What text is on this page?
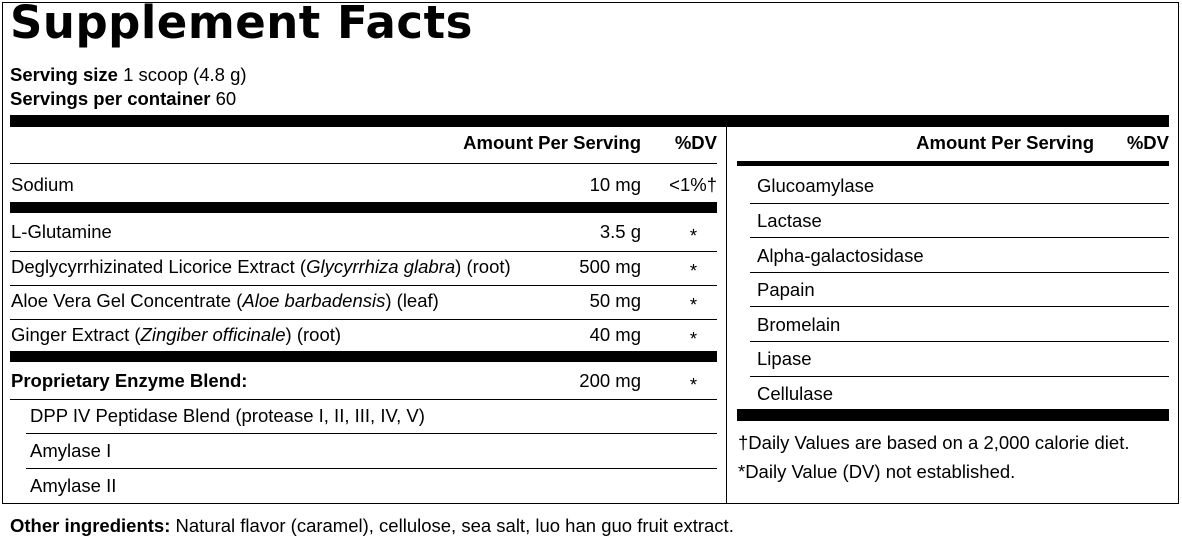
Supplement Facts
Serving size 1 scoop (4.8 g)
Servings per container 60
Amount Per Serving	%DV
Sodium	10 mg	<1%†
L-Glutamine	3.5 g	*
Deglycyrrhizinated Licorice Extract (Glycyrrhiza glabra) (root)	500 mg	*
Aloe Vera Gel Concentrate (Aloe barbadensis) (leaf)	50 mg	*
Ginger Extract (Zingiber officinale) (root)	40 mg	*
Proprietary Enzyme Blend:	200 mg	*
DPP IV Peptidase Blend (protease I, II, III, IV, V)
Amylase I
Amylase II
Amount Per Serving	%DV
Glucoamylase
Lactase
Alpha-galactosidase
Papain
Bromelain
Lipase
Cellulase
†Daily Values are based on a 2,000 calorie diet.
*Daily Value (DV) not established.
Other ingredients: Natural flavor (caramel), cellulose, sea salt, luo han guo fruit extract.
